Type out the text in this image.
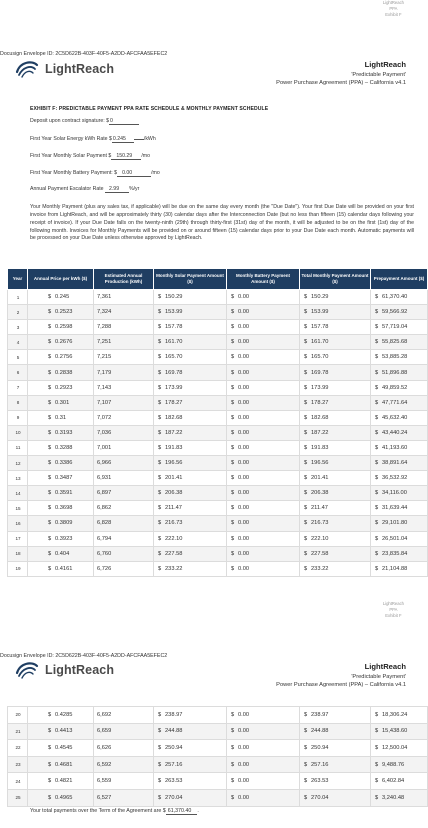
LightReach
PPA
Exhibit F
Docusign Envelope ID: 2C5D622B-403F-40F5-A2DD-AFCFAA5EFEC2
LightReach	LightReach
'Predictable Payment'
Power Purchase Agreement (PPA) – California v4.1
EXHIBIT F: PREDICTABLE PAYMENT PPA RATE SCHEDULE & MONTHLY PAYMENT SCHEDULE
Deposit upon contract signature: $0
First Year Solar Energy kWh Rate $0.245	/kWh
First Year Monthly Solar Payment $ 150.29 /mo
First Year Monthly Battery Payment: $ 0.00	/mo
Annual Payment Escalator Rate 2.99 %/yr
Your Monthly Payment (plus any sales tax, if applicable) will be due on the same day every month (the "Due Date"). Your first Due Date will be provided on your first invoice from LightReach, and will be approximately thirty (30) calendar days after the Interconnection Date (but no less than fifteen (15) calendar days following your receipt of invoice). If your Due Date falls on the twenty-ninth (29th) through thirty-first (31st) day of the month, it will be adjusted to be on the first (1st) day of the following month. Invoices for Monthly Payments will be provided on or around fifteen (15) calendar days prior to your Due Date each month. Automatic payments will be processed on your Due Date unless otherwise approved by LightReach.
Year	Annual Price per kWh ($)	Estimated Annual Production (kWh)	Monthly Solar Payment Amount ($)	Monthly Battery Payment Amount ($)	Total Monthly Payment Amount ($)	Prepayment Amount ($)
1	$ 0.245	7,361	$ 150.29	$ 0.00	$ 150.29	$ 61,370.40
2	$ 0.2523	7,324	$ 153.99	$ 0.00	$ 153.99	$ 59,566.92
3	$ 0.2598	7,288	$ 157.78	$ 0.00	$ 157.78	$ 57,719.04
4	$ 0.2676	7,251	$ 161.70	$ 0.00	$ 161.70	$ 55,825.68
5	$ 0.2756	7,215	$ 165.70	$ 0.00	$ 165.70	$ 53,885.28
6	$ 0.2838	7,179	$ 169.78	$ 0.00	$ 169.78	$ 51,896.88
7	$ 0.2923	7,143	$ 173.99	$ 0.00	$ 173.99	$ 49,859.52
8	$ 0.301	7,107	$ 178.27	$ 0.00	$ 178.27	$ 47,771.64
9	$ 0.31	7,072	$ 182.68	$ 0.00	$ 182.68	$ 45,632.40
10	$ 0.3193	7,036	$ 187.22	$ 0.00	$ 187.22	$ 43,440.24
11	$ 0.3288	7,001	$ 191.83	$ 0.00	$ 191.83	$ 41,193.60
12	$ 0.3386	6,966	$ 196.56	$ 0.00	$ 196.56	$ 38,891.64
13	$ 0.3487	6,931	$ 201.41	$ 0.00	$ 201.41	$ 36,532.92
14	$ 0.3591	6,897	$ 206.38	$ 0.00	$ 206.38	$ 34,116.00
15	$ 0.3698	6,862	$ 211.47	$ 0.00	$ 211.47	$ 31,639.44
16	$ 0.3809	6,828	$ 216.73	$ 0.00	$ 216.73	$ 29,101.80
17	$ 0.3923	6,794	$ 222.10	$ 0.00	$ 222.10	$ 26,501.04
18	$ 0.404	6,760	$ 227.58	$ 0.00	$ 227.58	$ 23,835.84
19	$ 0.4161	6,726	$ 233.22	$ 0.00	$ 233.22	$ 21,104.88
LightReach
PPA
Exhibit F
Docusign Envelope ID: 2C5D622B-403F-40F5-A2DD-AFCFAA5EFEC2
LightReach	LightReach
'Predictable Payment'
Power Purchase Agreement (PPA) – California v4.1
20	$ 0.4285	6,692	$ 238.97	$ 0.00	$ 238.97	$ 18,306.24
21	$ 0.4413	6,659	$ 244.88	$ 0.00	$ 244.88	$ 15,438.60
22	$ 0.4545	6,626	$ 250.94	$ 0.00	$ 250.94	$ 12,500.04
23	$ 0.4681	6,592	$ 257.16	$ 0.00	$ 257.16	$ 9,488.76
24	$ 0.4821	6,559	$ 263.53	$ 0.00	$ 263.53	$ 6,402.84
25	$ 0.4965	6,527	$ 270.04	$ 0.00	$ 270.04	$ 3,240.48
Your total payments over the Term of the Agreement are $ 61,370.40 .
